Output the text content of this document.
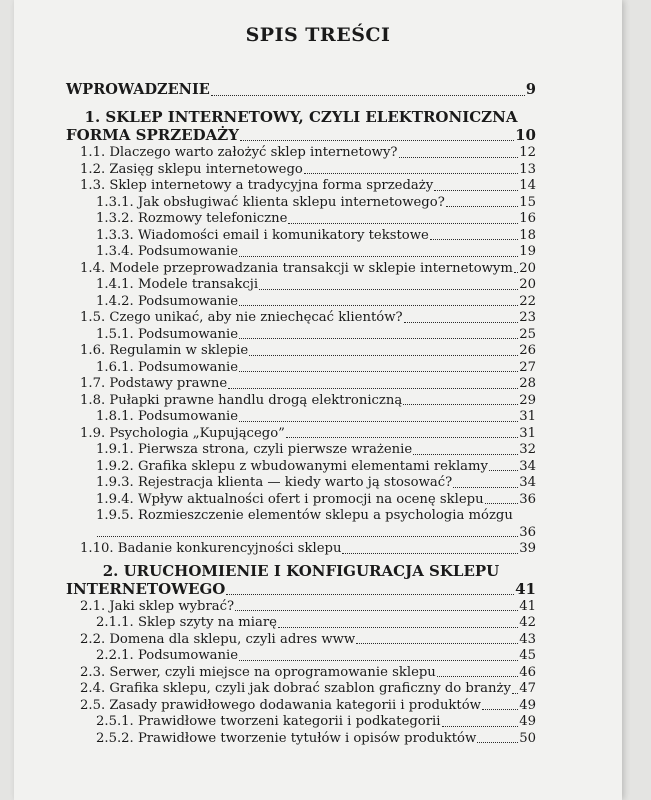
SPIS TREŚCI
WPROWADZENIE	9
1. SKLEP INTERNETOWY, CZYLI ELEKTRONICZNA
FORMA SPRZEDAŻY	10
1.1. Dlaczego warto założyć sklep internetowy?	12
1.2. Zasięg sklepu internetowego	13
1.3. Sklep internetowy a tradycyjna forma sprzedaży	14
1.3.1. Jak obsługiwać klienta sklepu internetowego?	15
1.3.2. Rozmowy telefoniczne	16
1.3.3. Wiadomości email i komunikatory tekstowe	18
1.3.4. Podsumowanie	19
1.4. Modele przeprowadzania transakcji w sklepie internetowym 20
1.4.1. Modele transakcji	20
1.4.2. Podsumowanie	22
1.5. Czego unikać, aby nie zniechęcać klientów?	23
1.5.1. Podsumowanie	25
1.6. Regulamin w sklepie	26
1.6.1. Podsumowanie	27
1.7. Podstawy prawne	28
1.8. Pułapki prawne handlu drogą elektroniczną	29
1.8.1. Podsumowanie	31
1.9. Psychologia „Kupującego”	31
1.9.1. Pierwsza strona, czyli pierwsze wrażenie	32
1.9.2. Grafika sklepu z wbudowanymi elementami reklamy 34
1.9.3. Rejestracja klienta — kiedy warto ją stosować?	34
1.9.4. Wpływ aktualności ofert i promocji na ocenę sklepu	36
1.9.5. Rozmieszczenie elementów sklepu a psychologia mózgu
36
1.10. Badanie konkurencyjności sklepu	39
2. URUCHOMIENIE I KONFIGURACJA SKLEPU
INTERNETOWEGO	41
2.1. Jaki sklep wybrać?	41
2.1.1. Sklep szyty na miarę	42
2.2. Domena dla sklepu, czyli adres www	43
2.2.1. Podsumowanie	45
2.3. Serwer, czyli miejsce na oprogramowanie sklepu	46
2.4. Grafika sklepu, czyli jak dobrać szablon graficzny do branży 47
2.5. Zasady prawidłowego dodawania kategorii i produktów	49
2.5.1. Prawidłowe tworzeni kategorii i podkategorii	49
2.5.2. Prawidłowe tworzenie tytułów i opisów produktów	50
